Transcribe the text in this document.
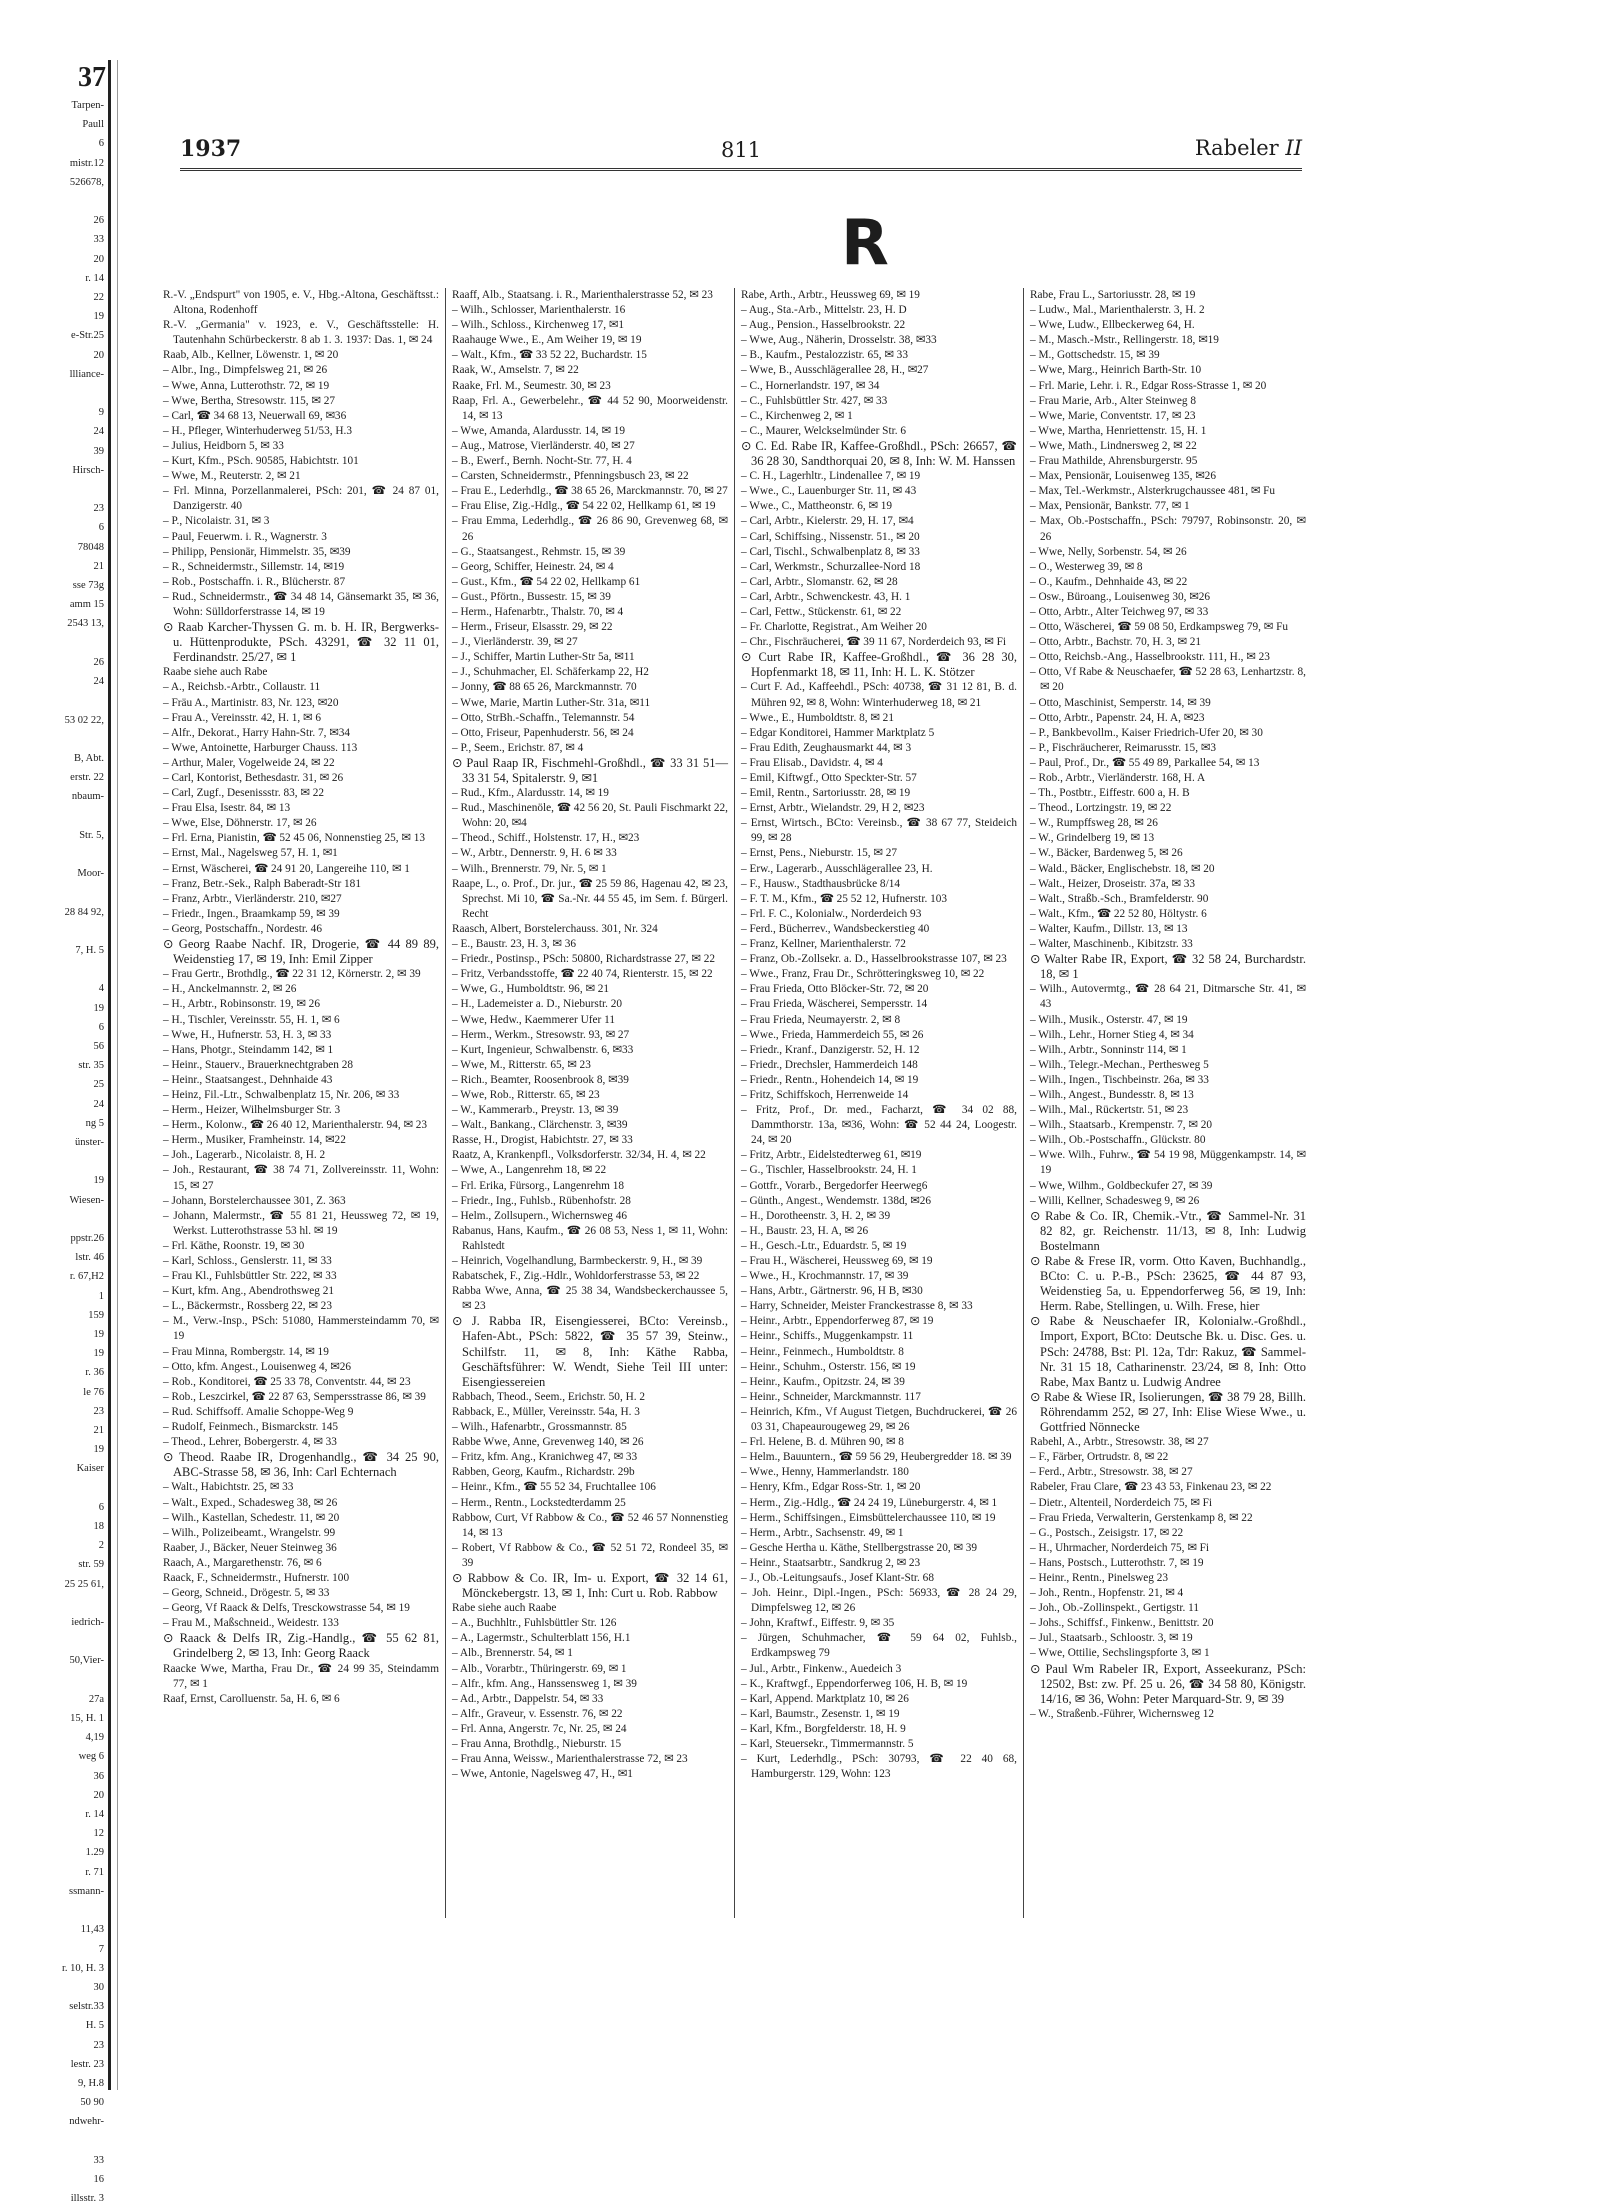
37
Tarpen-
Paull
6
mistr.12
526678,

26
33
20
r. 14
22
19
e-Str.25
20
llliance-

9
24
39
Hirsch-

23
6
78048
21
sse 73g
amm 15
2543 13,

26
24

53 02 22,

B, Abt.
erstr. 22
nbaum-

Str. 5,

Moor-

28 84 92,

7, H. 5

4
19
6
56
str. 35
25
24
ng 5
ünster-

19
Wiesen-

ppstr.26
lstr. 46
r. 67,H2
1
159
19
19
r. 36
le 76
23
21
19
Kaiser

6
18
2
str. 59
25 25 61,

iedrich-

50,Vier-

27a
15, H. 1
4,19
weg 6
36
20
r. 14
12
1.29
r. 71
ssmann-

11,43
7
r. 10, H. 3
30
selstr.33
H. 5
23
lestr. 23
9, H.8
50 90
ndwehr-

33
16
illsstr. 3
1937	811	Rabeler II
R

R.-V. „Endspurt" von 1905, e. V., Hbg.-Altona, Geschäftsst.: Altona, Rodenhoff

R.-V. „Germania" v. 1923, e. V., Geschäftsstelle: H. Tautenhahn Schürbeckerstr. 8 ab 1. 3. 1937: Das. 1, ✉ 24

Raab, Alb., Kellner, Löwenstr. 1, ✉ 20

– Albr., Ing., Dimpfelsweg 21, ✉ 26

– Wwe, Anna, Lutterothstr. 72, ✉ 19

– Wwe, Bertha, Stresowstr. 115, ✉ 27

– Carl, ☎ 34 68 13, Neuerwall 69, ✉36

– H., Pfleger, Winterhuderweg 51/53, H.3

– Julius, Heidborn 5, ✉ 33

– Kurt, Kfm., PSch. 90585, Habichtstr. 101

– Wwe, M., Reuterstr. 2, ✉ 21

– Frl. Minna, Porzellanmalerei, PSch: 201, ☎ 24 87 01, Danzigerstr. 40

– P., Nicolaistr. 31, ✉ 3

– Paul, Feuerwm. i. R., Wagnerstr. 3

– Philipp, Pensionär, Himmelstr. 35, ✉39

– R., Schneidermstr., Sillemstr. 14, ✉19

– Rob., Postschaffn. i. R., Blücherstr. 87

– Rud., Schneidermstr., ☎ 34 48 14, Gänsemarkt 35, ✉ 36, Wohn: Sülldorferstrasse 14, ✉ 19

⊙ Raab Karcher-Thyssen G. m. b. H. IR, Bergwerks- u. Hüttenprodukte, PSch. 43291, ☎ 32 11 01, Ferdinandstr. 25/27, ✉ 1

Raabe siehe auch Rabe

– A., Reichsb.-Arbtr., Collaustr. 11

– Fräu A., Martinistr. 83, Nr. 123, ✉20

– Frau A., Vereinsstr. 42, H. 1, ✉ 6

– Alfr., Dekorat., Harry Hahn-Str. 7, ✉34

– Wwe, Antoinette, Harburger Chauss. 113

– Arthur, Maler, Vogelweide 24, ✉ 22

– Carl, Kontorist, Bethesdastr. 31, ✉ 26

– Carl, Zugf., Desenissstr. 83, ✉ 22

– Frau Elsa, Isestr. 84, ✉ 13

– Wwe, Else, Döhnerstr. 17, ✉ 26

– Frl. Erna, Pianistin, ☎ 52 45 06, Nonnenstieg 25, ✉ 13

– Ernst, Mal., Nagelsweg 57, H. 1, ✉1

– Ernst, Wäscherei, ☎ 24 91 20, Langereihe 110, ✉ 1

– Franz, Betr.-Sek., Ralph Baberadt-Str 181

– Franz, Arbtr., Vierländerstr. 210, ✉27

– Friedr., Ingen., Braamkamp 59, ✉ 39

– Georg, Postschaffn., Nordestr. 46

⊙ Georg Raabe Nachf. IR, Drogerie, ☎ 44 89 89, Weidenstieg 17, ✉ 19, Inh: Emil Zipper

– Frau Gertr., Brothdlg., ☎ 22 31 12, Körnerstr. 2, ✉ 39

– H., Anckelmannstr. 2, ✉ 26

– H., Arbtr., Robinsonstr. 19, ✉ 26

– H., Tischler, Vereinsstr. 55, H. 1, ✉ 6

– Wwe, H., Hufnerstr. 53, H. 3, ✉ 33

– Hans, Photgr., Steindamm 142, ✉ 1

– Heinr., Stauerv., Brauerknechtgraben 28

– Heinr., Staatsangest., Dehnhaide 43

– Heinz, Fil.-Ltr., Schwalbenplatz 15, Nr. 206, ✉ 33

– Herm., Heizer, Wilhelmsburger Str. 3

– Herm., Kolonw., ☎ 26 40 12, Marienthalerstr. 94, ✉ 23

– Herm., Musiker, Framheinstr. 14, ✉22

– Joh., Lagerarb., Nicolaistr. 8, H. 2

– Joh., Restaurant, ☎ 38 74 71, Zollvereinsstr. 11, Wohn: 15, ✉ 27

– Johann, Borstelerchaussee 301, Z. 363

– Johann, Malermstr., ☎ 55 81 21, Heussweg 72, ✉ 19, Werkst. Lutterothstrasse 53 hl. ✉ 19

– Frl. Käthe, Roonstr. 19, ✉ 30

– Karl, Schloss., Genslerstr. 11, ✉ 33

– Frau Kl., Fuhlsbüttler Str. 222, ✉ 33

– Kurt, kfm. Ang., Abendrothsweg 21

– L., Bäckermstr., Rossberg 22, ✉ 23

– M., Verw.-Insp., PSch: 51080, Hammersteindamm 70, ✉ 19

– Frau Minna, Rombergstr. 14, ✉ 19

– Otto, kfm. Angest., Louisenweg 4, ✉26

– Rob., Konditorei, ☎ 25 33 78, Conventstr. 44, ✉ 23

– Rob., Leszcirkel, ☎ 22 87 63, Sempersstrasse 86, ✉ 39

– Rud. Schiffsoff. Amalie Schoppe-Weg 9

– Rudolf, Feinmech., Bismarckstr. 145

– Theod., Lehrer, Bobergerstr. 4, ✉ 33

⊙ Theod. Raabe IR, Drogenhandlg., ☎ 34 25 90, ABC-Strasse 58, ✉ 36, Inh: Carl Echternach

– Walt., Habichtstr. 25, ✉ 33

– Walt., Exped., Schadesweg 38, ✉ 26

– Wilh., Kastellan, Schedestr. 11, ✉ 20

– Wilh., Polizeibeamt., Wrangelstr. 99

Raaber, J., Bäcker, Neuer Steinweg 36

Raach, A., Margarethenstr. 76, ✉ 6

Raack, F., Schneidermstr., Hufnerstr. 100

– Georg, Schneid., Drögestr. 5, ✉ 33

– Georg, Vf Raack & Delfs, Tresckowstrasse 54, ✉ 19

– Frau M., Maßschneid., Weidestr. 133

⊙ Raack & Delfs IR, Zig.-Handlg., ☎ 55 62 81, Grindelberg 2, ✉ 13, Inh: Georg Raack

Raacke Wwe, Martha, Frau Dr., ☎ 24 99 35, Steindamm 77, ✉ 1

Raaf, Ernst, Carolluenstr. 5a, H. 6, ✉ 6

Raaff, Alb., Staatsang. i. R., Marienthalerstrasse 52, ✉ 23

– Wilh., Schlosser, Marienthalerstr. 16

– Wilh., Schloss., Kirchenweg 17, ✉1

Raahauge Wwe., E., Am Weiher 19, ✉ 19

– Walt., Kfm., ☎ 33 52 22, Buchardstr. 15

Raak, W., Amselstr. 7, ✉ 22

Raake, Frl. M., Seumestr. 30, ✉ 23

Raap, Frl. A., Gewerbelehr., ☎ 44 52 90, Moorweidenstr. 14, ✉ 13

– Wwe, Amanda, Alardusstr. 14, ✉ 19

– Aug., Matrose, Vierländerstr. 40, ✉ 27

– B., Ewerf., Bernh. Nocht-Str. 77, H. 4

– Carsten, Schneidermstr., Pfenningsbusch 23, ✉ 22

– Frau E., Lederhdlg., ☎ 38 65 26, Marckmannstr. 70, ✉ 27

– Frau Elise, Zig.-Hdlg., ☎ 54 22 02, Hellkamp 61, ✉ 19

– Frau Emma, Lederhdlg., ☎ 26 86 90, Grevenweg 68, ✉ 26

– G., Staatsangest., Rehmstr. 15, ✉ 39

– Georg, Schiffer, Heinestr. 24, ✉ 4

– Gust., Kfm., ☎ 54 22 02, Hellkamp 61

– Gust., Pförtn., Bussestr. 15, ✉ 39

– Herm., Hafenarbtr., Thalstr. 70, ✉ 4

– Herm., Friseur, Elsasstr. 29, ✉ 22

– J., Vierländerstr. 39, ✉ 27

– J., Schiffer, Martin Luther-Str 5a, ✉11

– J., Schuhmacher, El. Schäferkamp 22, H2

– Jonny, ☎ 88 65 26, Marckmannstr. 70

– Wwe, Marie, Martin Luther-Str. 31a, ✉11

– Otto, StrBh.-Schaffn., Telemannstr. 54

– Otto, Friseur, Papenhuderstr. 56, ✉ 24

– P., Seem., Erichstr. 87, ✉ 4

⊙ Paul Raap IR, Fischmehl-Großhdl., ☎ 33 31 51—33 31 54, Spitalerstr. 9, ✉1

– Rud., Kfm., Alardusstr. 14, ✉ 19

– Rud., Maschinenöle, ☎ 42 56 20, St. Pauli Fischmarkt 22, Wohn: 20, ✉4

– Theod., Schiff., Holstenstr. 17, H., ✉23

– W., Arbtr., Dennerstr. 9, H. 6 ✉ 33

– Wilh., Brennerstr. 79, Nr. 5, ✉ 1

Raape, L., o. Prof., Dr. jur., ☎ 25 59 86, Hagenau 42, ✉ 23, Sprechst. Mi 10, ☎ Sa.-Nr. 44 55 45, im Sem. f. Bürgerl. Recht

Raasch, Albert, Borstelerchauss. 301, Nr. 324

– E., Baustr. 23, H. 3, ✉ 36

– Friedr., Postinsp., PSch: 50800, Richardstrasse 27, ✉ 22

– Fritz, Verbandsstoffe, ☎ 22 40 74, Rienterstr. 15, ✉ 22

– Wwe, G., Humboldtstr. 96, ✉ 21

– H., Lademeister a. D., Nieburstr. 20

– Wwe, Hedw., Kaemmerer Ufer 11

– Herm., Werkm., Stresowstr. 93, ✉ 27

– Kurt, Ingenieur, Schwalbenstr. 6, ✉33

– Wwe, M., Ritterstr. 65, ✉ 23

– Rich., Beamter, Roosenbrook 8, ✉39

– Wwe, Rob., Ritterstr. 65, ✉ 23

– W., Kammerarb., Preystr. 13, ✉ 39

– Walt., Bankang., Clärchenstr. 3, ✉39

Rasse, H., Drogist, Habichtstr. 27, ✉ 33

Raatz, A, Krankenpfl., Volksdorferstr. 32/34, H. 4, ✉ 22

– Wwe, A., Langenrehm 18, ✉ 22

– Frl. Erika, Fürsorg., Langenrehm 18

– Friedr., Ing., Fuhlsb., Rübenhofstr. 28

– Helm., Zollsupern., Wichernsweg 46

Rabanus, Hans, Kaufm., ☎ 26 08 53, Ness 1, ✉ 11, Wohn: Rahlstedt

– Heinrich, Vogelhandlung, Barmbeckerstr. 9, H., ✉ 39

Rabatschek, F., Zig.-Hdlr., Wohldorferstrasse 53, ✉ 22

Rabba Wwe, Anna, ☎ 25 38 34, Wandsbeckerchaussee 5, ✉ 23

⊙ J. Rabba IR, Eisengiesserei, BCto: Vereinsb., Hafen-Abt., PSch: 5822, ☎ 35 57 39, Steinw., Schilfstr. 11, ✉ 8, Inh: Käthe Rabba, Geschäftsführer: W. Wendt, Siehe Teil III unter: Eisengiessereien

Rabbach, Theod., Seem., Erichstr. 50, H. 2

Rabback, E., Müller, Vereinsstr. 54a, H. 3

– Wilh., Hafenarbtr., Grossmannstr. 85

Rabbe Wwe, Anne, Grevenweg 140, ✉ 26

– Fritz, kfm. Ang., Kranichweg 47, ✉ 33

Rabben, Georg, Kaufm., Richardstr. 29b

– Heinr., Kfm., ☎ 55 52 34, Fruchtallee 106

– Herm., Rentn., Lockstedterdamm 25

Rabbow, Curt, Vf Rabbow & Co., ☎ 52 46 57 Nonnenstieg 14, ✉ 13

– Robert, Vf Rabbow & Co., ☎ 52 51 72, Rondeel 35, ✉ 39

⊙ Rabbow & Co. IR, Im- u. Export, ☎ 32 14 61, Mönckebergstr. 13, ✉ 1, Inh: Curt u. Rob. Rabbow

Rabe siehe auch Raabe

– A., Buchhltr., Fuhlsbüttler Str. 126

– A., Lagermstr., Schulterblatt 156, H.1

– Alb., Brennerstr. 54, ✉ 1

– Alb., Vorarbtr., Thüringerstr. 69, ✉ 1

– Alfr., kfm. Ang., Hanssensweg 1, ✉ 39

– Ad., Arbtr., Dappelstr. 54, ✉ 33

– Alfr., Graveur, v. Essenstr. 76, ✉ 22

– Frl. Anna, Angerstr. 7c, Nr. 25, ✉ 24

– Frau Anna, Brothdlg., Nieburstr. 15

– Frau Anna, Weissw., Marienthalerstrasse 72, ✉ 23

– Wwe, Antonie, Nagelsweg 47, H., ✉1

Rabe, Arth., Arbtr., Heussweg 69, ✉ 19

– Aug., Sta.-Arb., Mittelstr. 23, H. D

– Aug., Pension., Hasselbrookstr. 22

– Wwe, Aug., Näherin, Drosselstr. 38, ✉33

– B., Kaufm., Pestalozzistr. 65, ✉ 33

– Wwe, B., Ausschlägerallee 28, H., ✉27

– C., Hornerlandstr. 197, ✉ 34

– C., Fuhlsbüttler Str. 427, ✉ 33

– C., Kirchenweg 2, ✉ 1

– C., Maurer, Welckselmünder Str. 6

⊙ C. Ed. Rabe IR, Kaffee-Großhdl., PSch: 26657, ☎ 36 28 30, Sandthorquai 20, ✉ 8, Inh: W. M. Hanssen

– C. H., Lagerhltr., Lindenallee 7, ✉ 19

– Wwe., C., Lauenburger Str. 11, ✉ 43

– Wwe., C., Mattheonstr. 6, ✉ 19

– Carl, Arbtr., Kielerstr. 29, H. 17, ✉4

– Carl, Schiffsing., Nissenstr. 51., ✉ 20

– Carl, Tischl., Schwalbenplatz 8, ✉ 33

– Carl, Werkmstr., Schurzallee-Nord 18

– Carl, Arbtr., Slomanstr. 62, ✉ 28

– Carl, Arbtr., Schwenckestr. 43, H. 1

– Carl, Fettw., Stückenstr. 61, ✉ 22

– Fr. Charlotte, Registrat., Am Weiher 20

– Chr., Fischräucherei, ☎ 39 11 67, Norderdeich 93, ✉ Fi

⊙ Curt Rabe IR, Kaffee-Großhdl., ☎ 36 28 30, Hopfenmarkt 18, ✉ 11, Inh: H. L. K. Stötzer

– Curt F. Ad., Kaffeehdl., PSch: 40738, ☎ 31 12 81, B. d. Mühren 92, ✉ 8, Wohn: Winterhuderweg 18, ✉ 21

– Wwe., E., Humboldtstr. 8, ✉ 21

– Edgar Konditorei, Hammer Marktplatz 5

– Frau Edith, Zeughausmarkt 44, ✉ 3

– Frau Elisab., Davidstr. 4, ✉ 4

– Emil, Kiftwgf., Otto Speckter-Str. 57

– Emil, Rentn., Sartoriusstr. 28, ✉ 19

– Ernst, Arbtr., Wielandstr. 29, H 2, ✉23

– Ernst, Wirtsch., BCto: Vereinsb., ☎ 38 67 77, Steideich 99, ✉ 28

– Ernst, Pens., Nieburstr. 15, ✉ 27

– Erw., Lagerarb., Ausschlägerallee 23, H.

– F., Hausw., Stadthausbrücke 8/14

– F. T. M., Kfm., ☎ 25 52 12, Hufnerstr. 103

– Frl. F. C., Kolonialw., Norderdeich 93

– Ferd., Bücherrev., Wandsbeckerstieg 40

– Franz, Kellner, Marienthalerstr. 72

– Franz, Ob.-Zollsekr. a. D., Hasselbrookstrasse 107, ✉ 23

– Wwe., Franz, Frau Dr., Schrötteringksweg 10, ✉ 22

– Frau Frieda, Otto Blöcker-Str. 72, ✉ 20

– Frau Frieda, Wäscherei, Sempersstr. 14

– Frau Frieda, Neumayerstr. 2, ✉ 8

– Wwe., Frieda, Hammerdeich 55, ✉ 26

– Friedr., Kranf., Danzigerstr. 52, H. 12

– Friedr., Drechsler, Hammerdeich 148

– Friedr., Rentn., Hohendeich 14, ✉ 19

– Fritz, Schiffskoch, Herrenweide 14

– Fritz, Prof., Dr. med., Facharzt, ☎ 34 02 88, Dammthorstr. 13a, ✉36, Wohn: ☎ 52 44 24, Loogestr. 24, ✉ 20

– Fritz, Arbtr., Eidelstedterweg 61, ✉19

– G., Tischler, Hasselbrookstr. 24, H. 1

– Gottfr., Vorarb., Bergedorfer Heerweg6

– Günth., Angest., Wendemstr. 138d, ✉26

– H., Dorotheenstr. 3, H. 2, ✉ 39

– H., Baustr. 23, H. A, ✉ 26

– H., Gesch.-Ltr., Eduardstr. 5, ✉ 19

– Frau H., Wäscherei, Heussweg 69, ✉ 19

– Wwe., H., Krochmannstr. 17, ✉ 39

– Hans, Arbtr., Gärtnerstr. 96, H B, ✉30

– Harry, Schneider, Meister Franckestrasse 8, ✉ 33

– Heinr., Arbtr., Eppendorferweg 87, ✉ 19

– Heinr., Schiffs., Muggenkampstr. 11

– Heinr., Feinmech., Humboldtstr. 8

– Heinr., Schuhm., Osterstr. 156, ✉ 19

– Heinr., Kaufm., Opitzstr. 24, ✉ 39

– Heinr., Schneider, Marckmannstr. 117

– Heinrich, Kfm., Vf August Tietgen, Buchdruckerei, ☎ 26 03 31, Chapeaurougeweg 29, ✉ 26

– Frl. Helene, B. d. Mühren 90, ✉ 8

– Helm., Bauuntern., ☎ 59 56 29, Heubergredder 18. ✉ 39

– Wwe., Henny, Hammerlandstr. 180

– Henry, Kfm., Edgar Ross-Str. 1, ✉ 20

– Herm., Zig.-Hdlg., ☎ 24 24 19, Lüneburgerstr. 4, ✉ 1

– Herm., Schiffsingen., Eimsbüttelerchaussee 110, ✉ 19

– Herm., Arbtr., Sachsenstr. 49, ✉ 1

– Gesche Hertha u. Käthe, Stellbergstrasse 20, ✉ 39

– Heinr., Staatsarbtr., Sandkrug 2, ✉ 23

– J., Ob.-Leitungsaufs., Josef Klant-Str. 68

– Joh. Heinr., Dipl.-Ingen., PSch: 56933, ☎ 28 24 29, Dimpfelsweg 12, ✉ 26

– John, Kraftwf., Eiffestr. 9, ✉ 35

– Jürgen, Schuhmacher, ☎ 59 64 02, Fuhlsb., Erdkampsweg 79

– Jul., Arbtr., Finkenw., Auedeich 3

– K., Kraftwgf., Eppendorferweg 106, H. B, ✉ 19

– Karl, Append. Marktplatz 10, ✉ 26

– Karl, Baumstr., Zesenstr. 1, ✉ 19

– Karl, Kfm., Borgfelderstr. 18, H. 9

– Karl, Steuersekr., Timmermannstr. 5

– Kurt, Lederhdlg., PSch: 30793, ☎ 22 40 68, Hamburgerstr. 129, Wohn: 123

Rabe, Frau L., Sartoriusstr. 28, ✉ 19

– Ludw., Mal., Marienthalerstr. 3, H. 2

– Wwe, Ludw., Ellbeckerweg 64, H.

– M., Masch.-Mstr., Rellingerstr. 18, ✉19

– M., Gottschedstr. 15, ✉ 39

– Wwe, Marg., Heinrich Barth-Str. 10

– Frl. Marie, Lehr. i. R., Edgar Ross-Strasse 1, ✉ 20

– Frau Marie, Arb., Alter Steinweg 8

– Wwe, Marie, Conventstr. 17, ✉ 23

– Wwe, Martha, Henriettenstr. 15, H. 1

– Wwe, Math., Lindnersweg 2, ✉ 22

– Frau Mathilde, Ahrensburgerstr. 95

– Max, Pensionär, Louisenweg 135, ✉26

– Max, Tel.-Werkmstr., Alsterkrugchaussee 481, ✉ Fu

– Max, Pensionär, Bankstr. 77, ✉ 1

– Max, Ob.-Postschaffn., PSch: 79797, Robinsonstr. 20, ✉ 26

– Wwe, Nelly, Sorbenstr. 54, ✉ 26

– O., Westerweg 39, ✉ 8

– O., Kaufm., Dehnhaide 43, ✉ 22

– Osw., Büroang., Louisenweg 30, ✉26

– Otto, Arbtr., Alter Teichweg 97, ✉ 33

– Otto, Wäscherei, ☎ 59 08 50, Erdkampsweg 79, ✉ Fu

– Otto, Arbtr., Bachstr. 70, H. 3, ✉ 21

– Otto, Reichsb.-Ang., Hasselbrookstr. 111, H., ✉ 23

– Otto, Vf Rabe & Neuschaefer, ☎ 52 28 63, Lenhartzstr. 8, ✉ 20

– Otto, Maschinist, Semperstr. 14, ✉ 39

– Otto, Arbtr., Papenstr. 24, H. A, ✉23

– P., Bankbevollm., Kaiser Friedrich-Ufer 20, ✉ 30

– P., Fischräucherer, Reimarusstr. 15, ✉3

– Paul, Prof., Dr., ☎ 55 49 89, Parkallee 54, ✉ 13

– Rob., Arbtr., Vierländerstr. 168, H. A

– Th., Postbtr., Eiffestr. 600 a, H. B

– Theod., Lortzingstr. 19, ✉ 22

– W., Rumpffsweg 28, ✉ 26

– W., Grindelberg 19, ✉ 13

– W., Bäcker, Bardenweg 5, ✉ 26

– Wald., Bäcker, Englischebstr. 18, ✉ 20

– Walt., Heizer, Droseistr. 37a, ✉ 33

– Walt., Straßb.-Sch., Bramfelderstr. 90

– Walt., Kfm., ☎ 22 52 80, Höltystr. 6

– Walter, Kaufm., Dillstr. 13, ✉ 13

– Walter, Maschinenb., Kibitzstr. 33

⊙ Walter Rabe IR, Export, ☎ 32 58 24, Burchardstr. 18, ✉ 1

– Wilh., Autovermtg., ☎ 28 64 21, Ditmarsche Str. 41, ✉ 43

– Wilh., Musik., Osterstr. 47, ✉ 19

– Wilh., Lehr., Horner Stieg 4, ✉ 34

– Wilh., Arbtr., Sonninstr 114, ✉ 1

– Wilh., Telegr.-Mechan., Perthesweg 5

– Wilh., Ingen., Tischbeinstr. 26a, ✉ 33

– Wilh., Angest., Bundesstr. 8, ✉ 13

– Wilh., Mal., Rückertstr. 51, ✉ 23

– Wilh., Staatsarb., Krempenstr. 7, ✉ 20

– Wilh., Ob.-Postschaffn., Glückstr. 80

– Wwe. Wilh., Fuhrw., ☎ 54 19 98, Müggenkampstr. 14, ✉ 19

– Wwe, Wilhm., Goldbeckufer 27, ✉ 39

– Willi, Kellner, Schadesweg 9, ✉ 26

⊙ Rabe & Co. IR, Chemik.-Vtr., ☎ Sammel-Nr. 31 82 82, gr. Reichenstr. 11/13, ✉ 8, Inh: Ludwig Bostelmann

⊙ Rabe & Frese IR, vorm. Otto Kaven, Buchhandlg., BCto: C. u. P.-B., PSch: 23625, ☎ 44 87 93, Weidenstieg 5a, u. Eppendorferweg 56, ✉ 19, Inh: Herm. Rabe, Stellingen, u. Wilh. Frese, hier

⊙ Rabe & Neuschaefer IR, Kolonialw.-Großhdl., Import, Export, BCto: Deutsche Bk. u. Disc. Ges. u. PSch: 24788, Bst: Pl. 12a, Tdr: Rakuz, ☎ Sammel-Nr. 31 15 18, Catharinenstr. 23/24, ✉ 8, Inh: Otto Rabe, Max Bantz u. Ludwig Andree

⊙ Rabe & Wiese IR, Isolierungen, ☎ 38 79 28, Billh. Röhrendamm 252, ✉ 27, Inh: Elise Wiese Wwe., u. Gottfried Nönnecke

Rabehl, A., Arbtr., Stresowstr. 38, ✉ 27

– F., Färber, Ortrudstr. 8, ✉ 22

– Ferd., Arbtr., Stresowstr. 38, ✉ 27

Rabeler, Frau Clare, ☎ 23 43 53, Finkenau 23, ✉ 22

– Dietr., Altenteil, Norderdeich 75, ✉ Fi

– Frau Frieda, Verwalterin, Gerstenkamp 8, ✉ 22

– G., Postsch., Zeisigstr. 17, ✉ 22

– H., Uhrmacher, Norderdeich 75, ✉ Fi

– Hans, Postsch., Lutterothstr. 7, ✉ 19

– Heinr., Rentn., Pinelsweg 23

– Joh., Rentn., Hopfenstr. 21, ✉ 4

– Joh., Ob.-Zollinspekt., Gertigstr. 11

– Johs., Schiffsf., Finkenw., Benittstr. 20

– Jul., Staatsarb., Schloostr. 3, ✉ 19

– Wwe, Ottilie, Sechslingspforte 3, ✉ 1

⊙ Paul Wm Rabeler IR, Export, Asseekuranz, PSch: 12502, Bst: zw. Pf. 25 u. 26, ☎ 34 58 80, Königstr. 14/16, ✉ 36, Wohn: Peter Marquard-Str. 9, ✉ 39

– W., Straßenb.-Führer, Wichernsweg 12
